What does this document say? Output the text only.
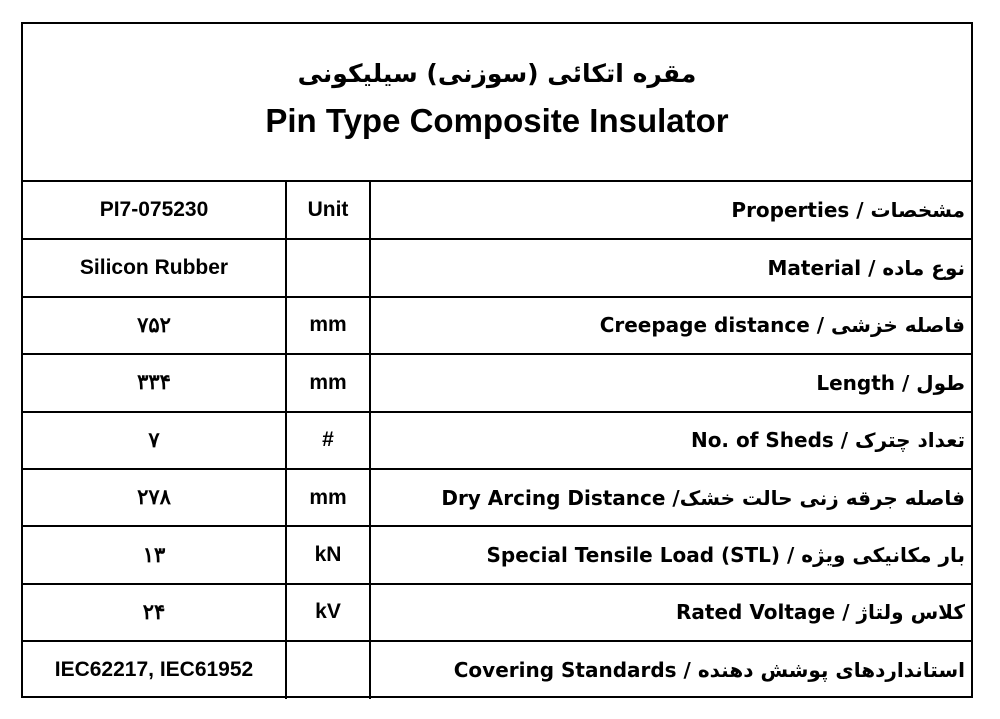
مقره اتکائی (سوزنی) سیلیکونی
Pin Type Composite Insulator
PI7-075230	Unit	مشخصات / Properties
Silicon Rubber		نوع ماده / Material
۷۵۲	mm	فاصله خزشی / Creepage distance
۳۳۴	mm	طول / Length
۷	#	تعداد چترک / No. of Sheds
۲۷۸	mm	فاصله جرقه زنی حالت خشک/ Dry Arcing Distance
۱۳	kN	بار مکانیکی ویژه / Special Tensile Load (STL)
۲۴	kV	کلاس ولتاژ / Rated Voltage
IEC62217, IEC61952		استانداردهای پوشش دهنده / Covering Standards
